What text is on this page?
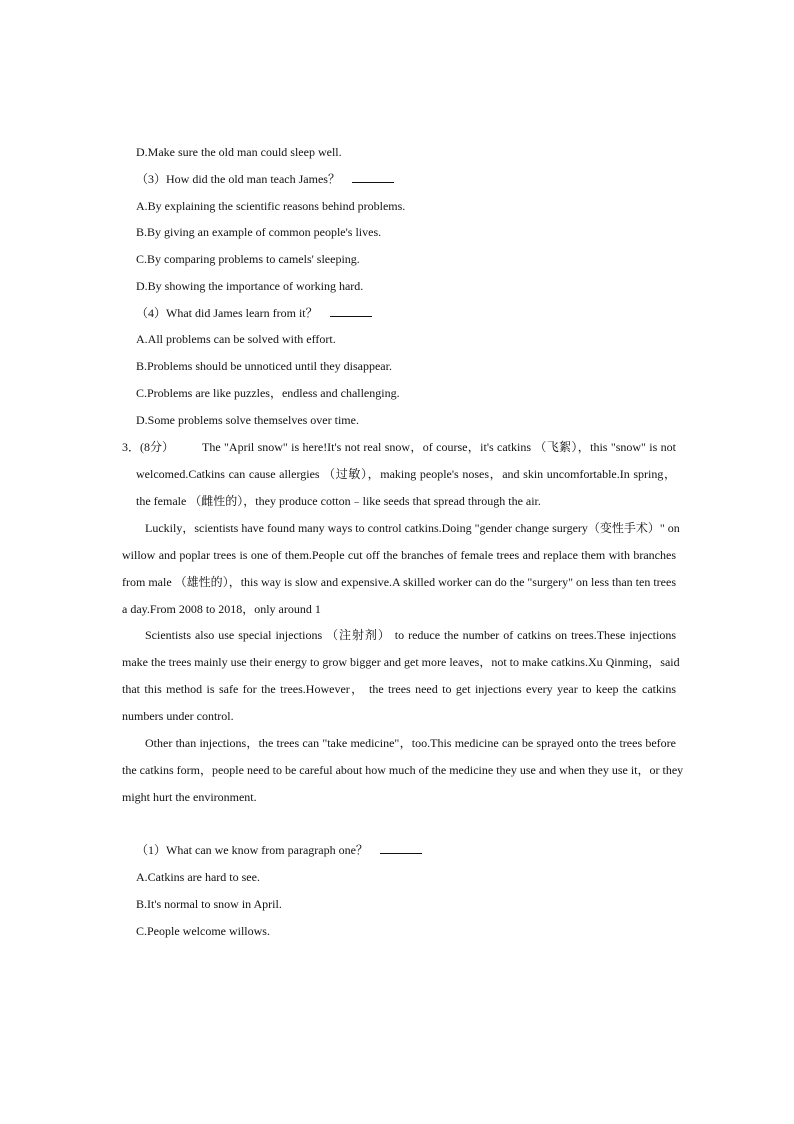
D.Make sure the old man could sleep well.
（3）How did the old man teach James？
A.By explaining the scientific reasons behind problems.
B.By giving an example of common people's lives.
C.By comparing problems to camels' sleeping.
D.By showing the importance of working hard.
（4）What did James learn from it？
A.All problems can be solved with effort.
B.Problems should be unnoticed until they disappear.
C.Problems are like puzzles，endless and challenging.
D.Some problems solve themselves over time.
3．(8分） The "April snow" is here!It's not real snow，of course，it's catkins （飞絮），this "snow" is not
welcomed.Catkins can cause allergies （过敏），making people's noses，and skin uncomfortable.In spring，
the female （雌性的），they produce cotton﹣like seeds that spread through the air.
Luckily，scientists have found many ways to control catkins.Doing "gender change surgery（变性手术）" on
willow and poplar trees is one of them.People cut off the branches of female trees and replace them with branches
from male （雄性的），this way is slow and expensive.A skilled worker can do the "surgery" on less than ten trees
a day.From 2008 to 2018，only around 1
Scientists also use special injections （注射剂） to reduce the number of catkins on trees.These injections
make the trees mainly use their energy to grow bigger and get more leaves，not to make catkins.Xu Qinming，said
that this method is safe for the trees.However， the trees need to get injections every year to keep the catkins
numbers under control.
Other than injections，the trees can "take medicine"，too.This medicine can be sprayed onto the trees before
the catkins form，people need to be careful about how much of the medicine they use and when they use it，or they
might hurt the environment.
（1）What can we know from paragraph one？
A.Catkins are hard to see.
B.It's normal to snow in April.
C.People welcome willows.
